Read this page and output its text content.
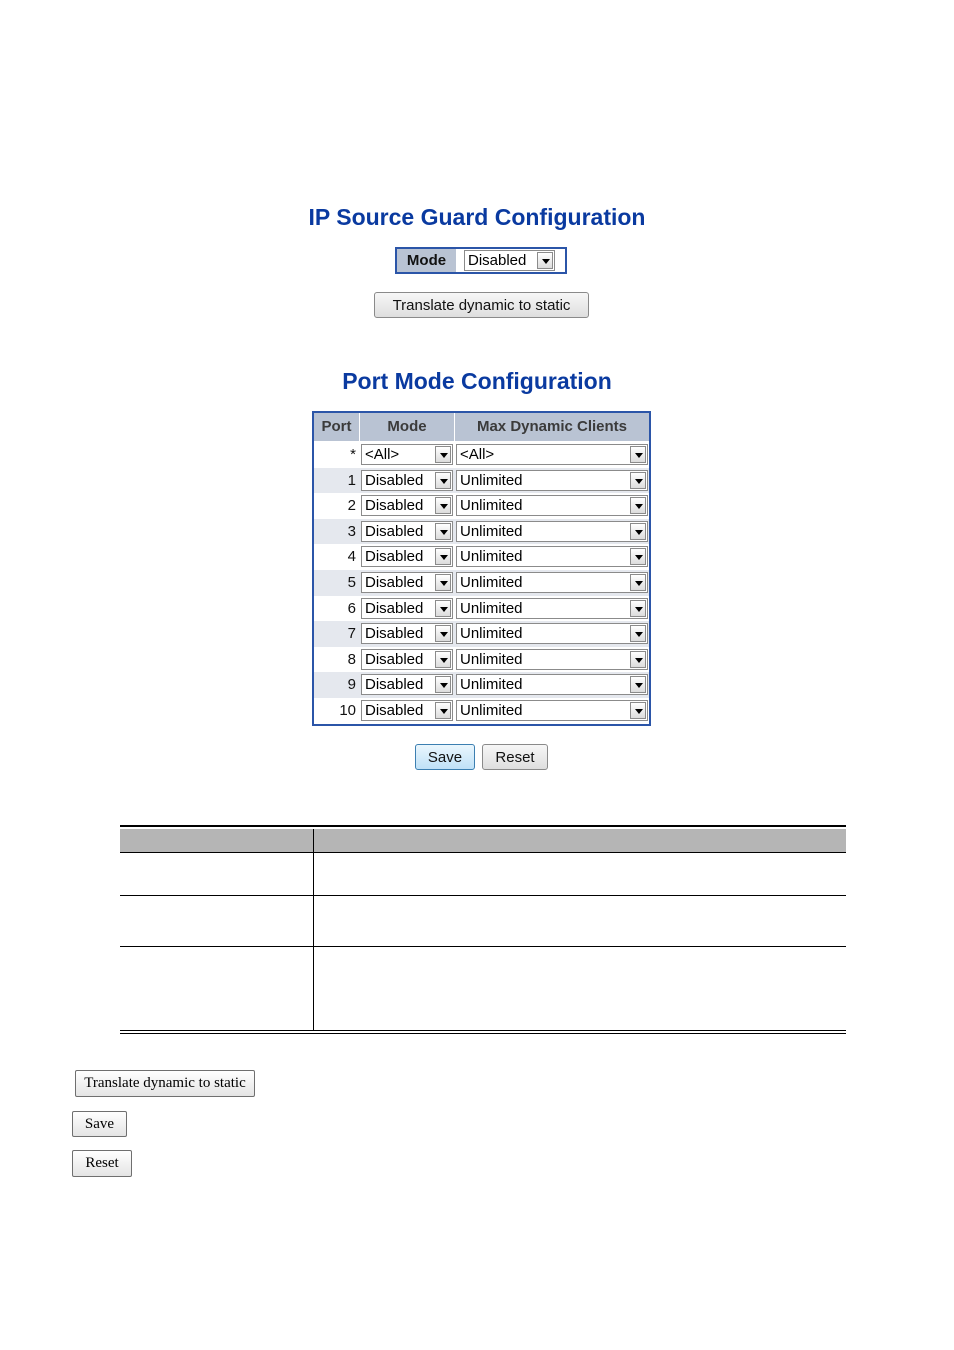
IP Source Guard Configuration
Mode	Disabled
Translate dynamic to static
Port Mode Configuration
Port	Mode	Max Dynamic Clients
* <All>	<All>
1 Disabled	Unlimited
2 Disabled	Unlimited
3 Disabled	Unlimited
4 Disabled	Unlimited
5 Disabled	Unlimited
6 Disabled	Unlimited
7 Disabled	Unlimited
8 Disabled	Unlimited
9 Disabled	Unlimited
10 Disabled	Unlimited
Save	Reset
Translate dynamic to static
Save
Reset
